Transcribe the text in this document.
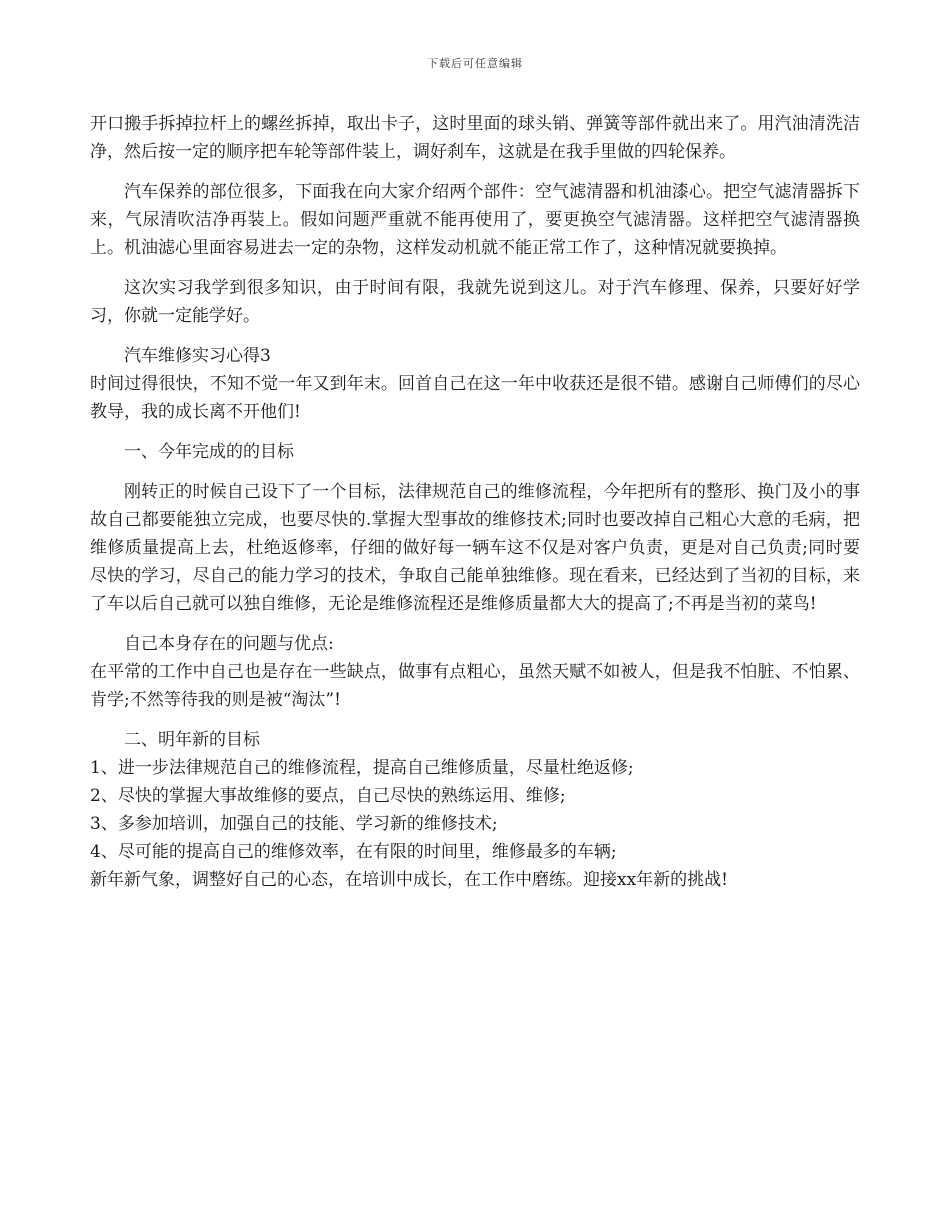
下载后可任意编辑

开口搬手拆掉拉杆上的螺丝拆掉，取出卡子，这时里面的球头销、弹簧等部件就出来了。用汽油清洗洁净，然后按一定的顺序把车轮等部件装上，调好刹车，这就是在我手里做的四轮保养。

汽车保养的部位很多，下面我在向大家介绍两个部件：空气滤清器和机油漆心。把空气滤清器拆下来，气尿清吹洁净再装上。假如问题严重就不能再使用了，要更换空气滤清器。这样把空气滤清器换上。机油滤心里面容易进去一定的杂物，这样发动机就不能正常工作了，这种情况就要换掉。

这次实习我学到很多知识，由于时间有限，我就先说到这儿。对于汽车修理、保养，只要好好学习，你就一定能学好。

汽车维修实习心得3

时间过得很快，不知不觉一年又到年末。回首自己在这一年中收获还是很不错。感谢自己师傅们的尽心教导，我的成长离不开他们!

一、今年完成的的目标

刚转正的时候自己设下了一个目标，法律规范自己的维修流程，今年把所有的整形、换门及小的事故自己都要能独立完成，也要尽快的.掌握大型事故的维修技术;同时也要改掉自己粗心大意的毛病，把维修质量提高上去，杜绝返修率，仔细的做好每一辆车这不仅是对客户负责，更是对自己负责;同时要尽快的学习，尽自己的能力学习的技术，争取自己能单独维修。现在看来，已经达到了当初的目标，来了车以后自己就可以独自维修，无论是维修流程还是维修质量都大大的提高了;不再是当初的菜鸟!

自己本身存在的问题与优点:

在平常的工作中自己也是存在一些缺点，做事有点粗心，虽然天赋不如被人，但是我不怕脏、不怕累、肯学;不然等待我的则是被“淘汰”!

二、明年新的目标
1、进一步法律规范自己的维修流程，提高自己维修质量，尽量杜绝返修;
2、尽快的掌握大事故维修的要点，自己尽快的熟练运用、维修;
3、多参加培训，加强自己的技能、学习新的维修技术;
4、尽可能的提高自己的维修效率，在有限的时间里，维修最多的车辆;
新年新气象，调整好自己的心态，在培训中成长，在工作中磨练。迎接xx年新的挑战!
